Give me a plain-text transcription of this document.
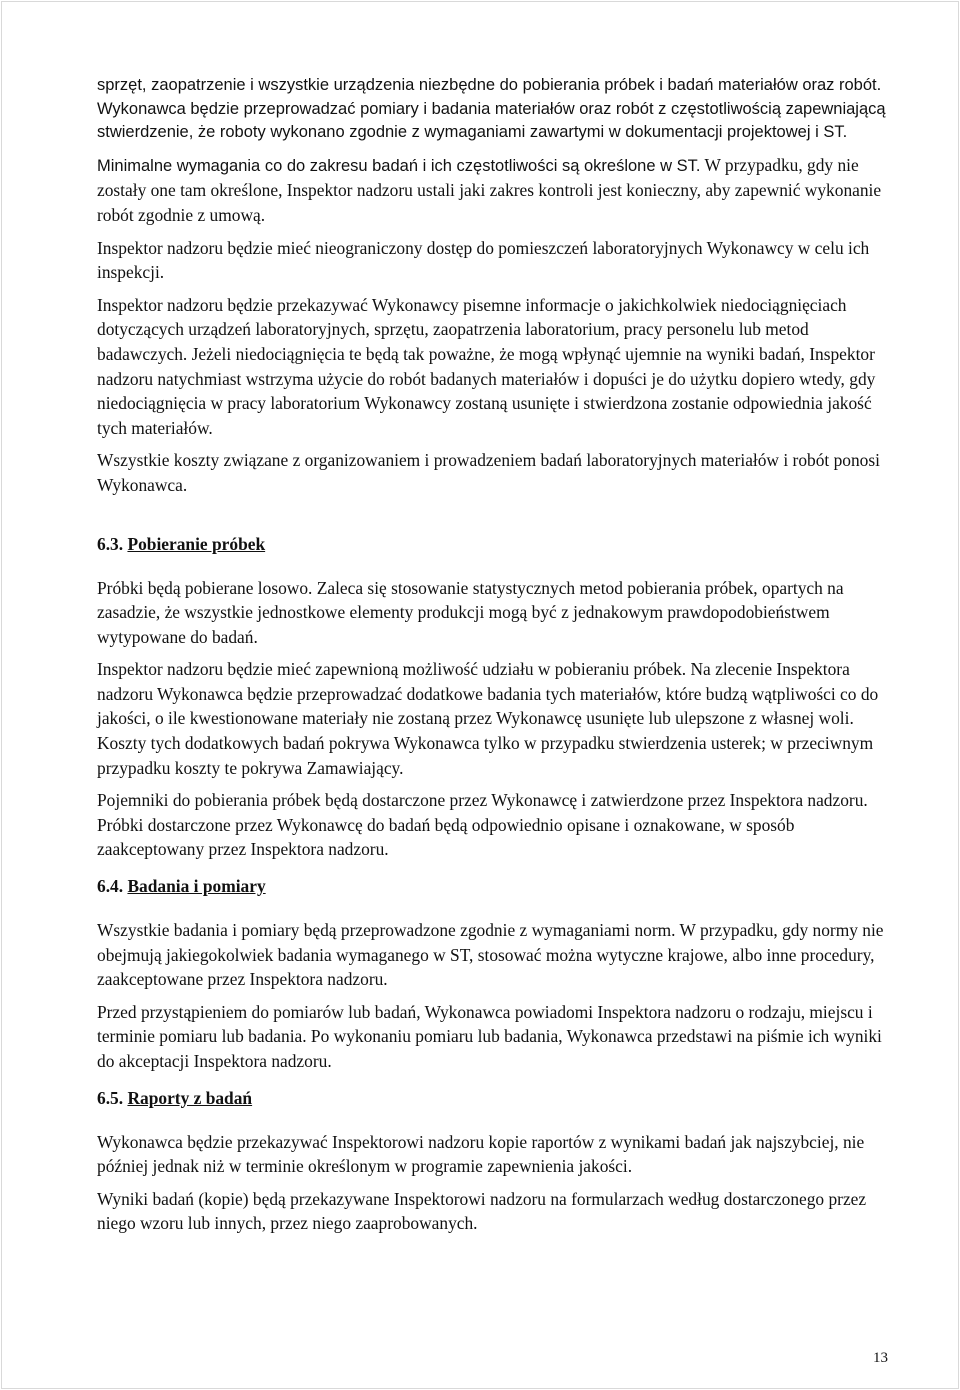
sprzęt, zaopatrzenie i wszystkie urządzenia niezbędne do pobierania próbek i badań materiałów oraz robót.

Wykonawca będzie przeprowadzać pomiary i badania materiałów oraz robót z częstotliwością zapewniającą stwierdzenie, że roboty wykonano zgodnie z wymaganiami zawartymi w dokumentacji projektowej i ST.

Minimalne wymagania co do zakresu badań i ich częstotliwości są określone w ST. W przypadku, gdy nie zostały one tam określone, Inspektor nadzoru ustali jaki zakres kontroli jest konieczny, aby zapewnić wykonanie robót zgodnie z umową.

Inspektor nadzoru będzie mieć nieograniczony dostęp do pomieszczeń laboratoryjnych Wykonawcy w celu ich inspekcji.

Inspektor nadzoru będzie przekazywać Wykonawcy pisemne informacje o jakichkolwiek niedociągnięciach dotyczących urządzeń laboratoryjnych, sprzętu, zaopatrzenia laboratorium, pracy personelu lub metod badawczych. Jeżeli niedociągnięcia te będą tak poważne, że mogą wpłynąć ujemnie na wyniki badań, Inspektor nadzoru natychmiast wstrzyma użycie do robót badanych materiałów i dopuści je do użytku dopiero wtedy, gdy niedociągnięcia w pracy laboratorium Wykonawcy zostaną usunięte i stwierdzona zostanie odpowiednia jakość tych materiałów.

Wszystkie koszty związane z organizowaniem i prowadzeniem badań laboratoryjnych materiałów i robót ponosi Wykonawca.

6.3. Pobieranie próbek

Próbki będą pobierane losowo. Zaleca się stosowanie statystycznych metod pobierania próbek, opartych na zasadzie, że wszystkie jednostkowe elementy produkcji mogą być z jednakowym prawdopodobieństwem wytypowane do badań.

Inspektor nadzoru będzie mieć zapewnioną możliwość udziału w pobieraniu próbek. Na zlecenie Inspektora nadzoru Wykonawca będzie przeprowadzać dodatkowe badania tych materiałów, które budzą wątpliwości co do jakości, o ile kwestionowane materiały nie zostaną przez Wykonawcę usunięte lub ulepszone z własnej woli. Koszty tych dodatkowych badań pokrywa Wykonawca tylko w przypadku stwierdzenia usterek; w przeciwnym przypadku koszty te pokrywa Zamawiający.

Pojemniki do pobierania próbek będą dostarczone przez Wykonawcę i zatwierdzone przez Inspektora nadzoru. Próbki dostarczone przez Wykonawcę do badań będą odpowiednio opisane i oznakowane, w sposób zaakceptowany przez Inspektora nadzoru.

6.4. Badania i pomiary

Wszystkie badania i pomiary będą przeprowadzone zgodnie z wymaganiami norm. W przypadku, gdy normy nie obejmują jakiegokolwiek badania wymaganego w ST, stosować można wytyczne krajowe, albo inne procedury, zaakceptowane przez Inspektora nadzoru.

Przed przystąpieniem do pomiarów lub badań, Wykonawca powiadomi Inspektora nadzoru o rodzaju, miejscu i terminie pomiaru lub badania. Po wykonaniu pomiaru lub badania, Wykonawca przedstawi na piśmie ich wyniki do akceptacji Inspektora nadzoru.

6.5. Raporty z badań

Wykonawca będzie przekazywać Inspektorowi nadzoru kopie raportów z wynikami badań jak najszybciej, nie później jednak niż w terminie określonym w programie zapewnienia jakości.

Wyniki badań (kopie) będą przekazywane Inspektorowi nadzoru na formularzach według dostarczonego przez niego wzoru lub innych, przez niego zaaprobowanych.

13
